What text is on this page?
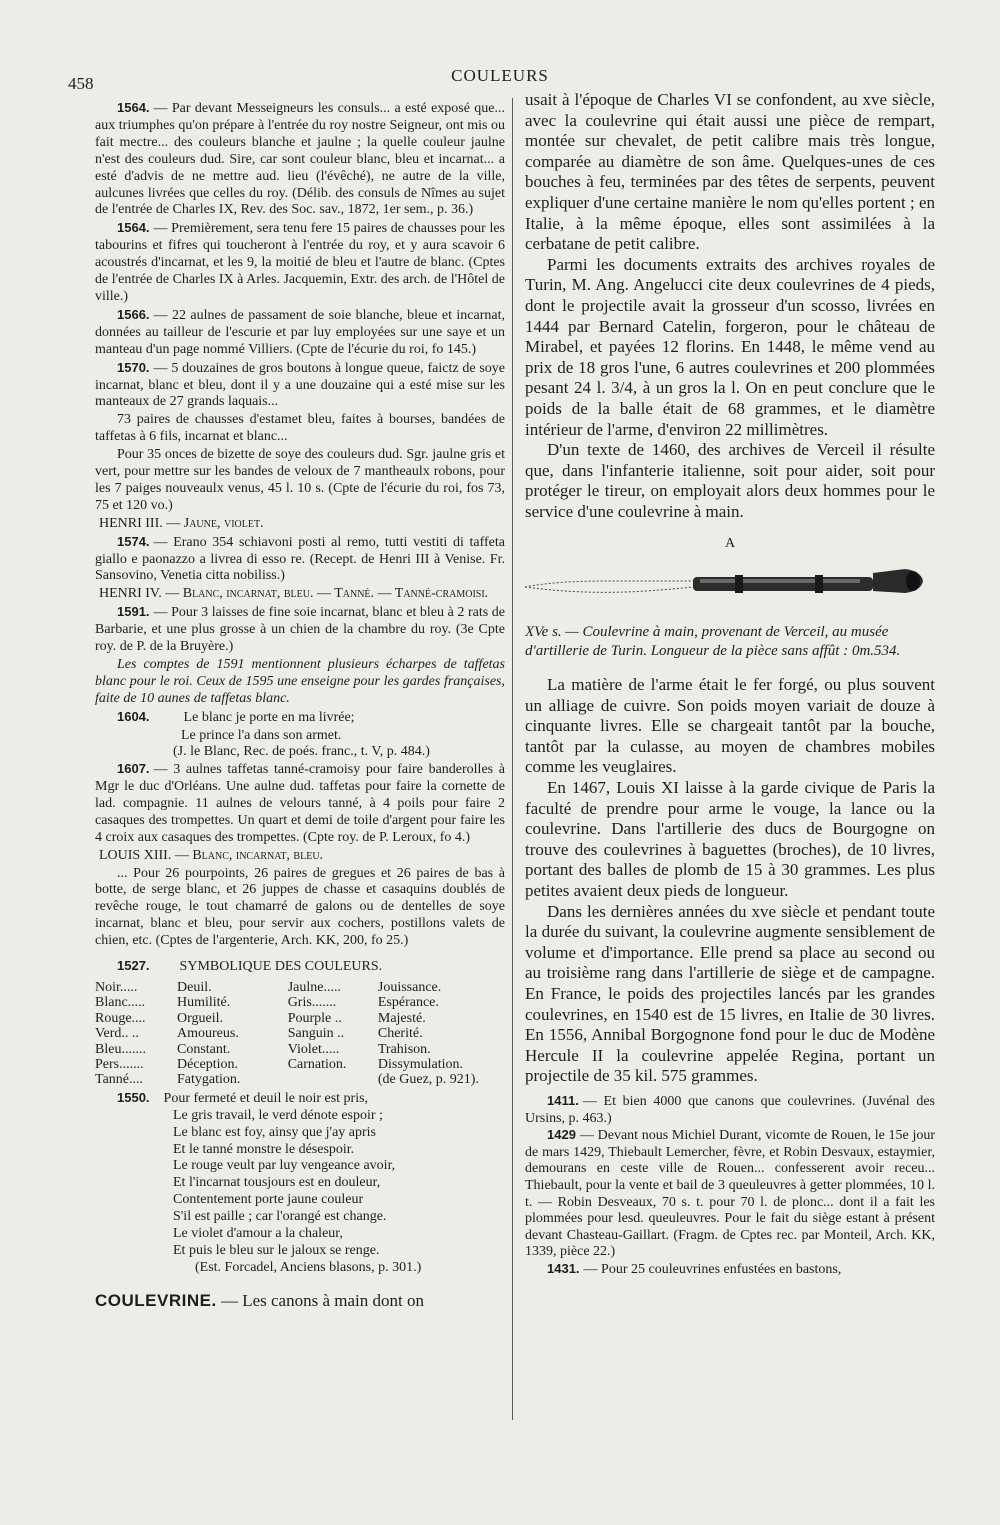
458	COULEURS

1564. — Par devant Messeigneurs les consuls... a esté exposé que... aux triumphes qu'on prépare à l'entrée du roy nostre Seigneur, ont mis ou fait mectre... des couleurs blanche et jaulne ; la quelle couleur jaulne n'est des couleurs dud. Sire, car sont couleur blanc, bleu et incarnat... a esté d'advis de ne mettre aud. lieu (l'évêché), ne autre de la ville, aulcunes livrées que celles du roy. (Délib. des consuls de Nîmes au sujet de l'entrée de Charles IX, Rev. des Soc. sav., 1872, 1er sem., p. 36.)

1564. — Premièrement, sera tenu fere 15 paires de chausses pour les tabourins et fifres qui toucheront à l'entrée du roy, et y aura scavoir 6 acoustrés d'incarnat, et les 9, la moitié de bleu et l'autre de blanc. (Cptes de l'entrée de Charles IX à Arles. Jacquemin, Extr. des arch. de l'Hôtel de ville.)

1566. — 22 aulnes de passament de soie blanche, bleue et incarnat, données au tailleur de l'escurie et par luy employées sur une saye et un manteau d'un page nommé Villiers. (Cpte de l'écurie du roi, fo 145.)

1570. — 5 douzaines de gros boutons à longue queue, faictz de soye incarnat, blanc et bleu, dont il y a une douzaine qui a esté mise sur les manteaux de 27 grands laquais...

73 paires de chausses d'estamet bleu, faites à bourses, bandées de taffetas à 6 fils, incarnat et blanc...

Pour 35 onces de bizette de soye des couleurs dud. Sgr. jaulne gris et vert, pour mettre sur les bandes de veloux de 7 mantheaulx robons, pour les 7 paiges nouveaulx venus, 45 l. 10 s. (Cpte de l'écurie du roi, fos 73, 75 et 120 vo.)

HENRI III. — Jaune, violet.

1574. — Erano 354 schiavoni posti al remo, tutti vestiti di taffeta giallo e paonazzo a livrea di esso re. (Recept. de Henri III à Venise. Fr. Sansovino, Venetia citta nobiliss.)

HENRI IV. — Blanc, incarnat, bleu. — Tanné. — Tanné-cramoisi.

1591. — Pour 3 laisses de fine soie incarnat, blanc et bleu à 2 rats de Barbarie, et une plus grosse à un chien de la chambre du roy. (3e Cpte roy. de P. de la Bruyère.)

Les comptes de 1591 mentionnent plusieurs écharpes de taffetas blanc pour le roi. Ceux de 1595 une enseigne pour les gardes françaises, faite de 10 aunes de taffetas blanc.

1604. Le blanc je porte en ma livrée;

Le prince l'a dans son armet.

(J. le Blanc, Rec. de poés. franc., t. V, p. 484.)

1607. — 3 aulnes taffetas tanné-cramoisy pour faire banderolles à Mgr le duc d'Orléans. Une aulne dud. taffetas pour faire la cornette de lad. compagnie. 11 aulnes de velours tanné, à 4 poils pour faire 2 casaques des trompettes. Un quart et demi de toile d'argent pour faire les 4 croix aux casaques des trompettes. (Cpte roy. de P. Leroux, fo 4.)

LOUIS XIII. — Blanc, incarnat, bleu.

... Pour 26 pourpoints, 26 paires de gregues et 26 paires de bas à botte, de serge blanc, et 26 juppes de chasse et casaquins doublés de revêche rouge, le tout chamarré de galons ou de dentelles de soye incarnat, blanc et bleu, pour servir aux cochers, postillons valets de chien, etc. (Cptes de l'argenterie, Arch. KK, 200, fo 25.)

1527. SYMBOLIQUE DES COULEURS.

Noir.....	Deuil.	Jaulne.....	Jouissance.
Blanc.....	Humilité.	Gris.......	Espérance.
Rouge....	Orgueil.	Pourple ..	Majesté.
Verd.. ..	Amoureus.	Sanguin ..	Cherité.
Bleu.......	Constant.	Violet.....	Trahison.
Pers.......	Déception.	Carnation.	Dissymulation.
Tanné....	Fatygation.		(de Guez, p. 921).

1550. Pour fermeté et deuil le noir est pris,

Le gris travail, le verd dénote espoir ;

Le blanc est foy, ainsy que j'ay apris

Et le tanné monstre le désespoir.

Le rouge veult par luy vengeance avoir,

Et l'incarnat tousjours est en douleur,

Contentement porte jaune couleur

S'il est paille ; car l'orangé est change.

Le violet d'amour a la chaleur,

Et puis le bleu sur le jaloux se renge.

(Est. Forcadel, Anciens blasons, p. 301.)

COULEVRINE. — Les canons à main dont on

usait à l'époque de Charles VI se confondent, au xve siècle, avec la coulevrine qui était aussi une pièce de rempart, montée sur chevalet, de petit calibre mais très longue, comparée au diamètre de son âme. Quelques-unes de ces bouches à feu, terminées par des têtes de serpents, peuvent expliquer d'une certaine manière le nom qu'elles portent ; en Italie, à la même époque, elles sont assimilées à la cerbatane de petit calibre.

Parmi les documents extraits des archives royales de Turin, M. Ang. Angelucci cite deux coulevrines de 4 pieds, dont le projectile avait la grosseur d'un scosso, livrées en 1444 par Bernard Catelin, forgeron, pour le château de Mirabel, et payées 12 florins. En 1448, le même vend au prix de 18 gros l'une, 6 autres coulevrines et 200 plommées pesant 24 l. 3/4, à un gros la l. On en peut conclure que le poids de la balle était de 68 grammes, et le diamètre intérieur de l'arme, d'environ 22 millimètres.

D'un texte de 1460, des archives de Verceil il résulte que, dans l'infanterie italienne, soit pour aider, soit pour protéger le tireur, on employait alors deux hommes pour le service d'une coulevrine à main.

A

XVe s. — Coulevrine à main, provenant de Verceil, au musée d'artillerie de Turin. Longueur de la pièce sans affût : 0m.534.

La matière de l'arme était le fer forgé, ou plus souvent un alliage de cuivre. Son poids moyen variait de douze à cinquante livres. Elle se chargeait tantôt par la bouche, tantôt par la culasse, au moyen de chambres mobiles comme les veuglaires.

En 1467, Louis XI laisse à la garde civique de Paris la faculté de prendre pour arme le vouge, la lance ou la coulevrine. Dans l'artillerie des ducs de Bourgogne on trouve des coulevrines à baguettes (broches), de 10 livres, portant des balles de plomb de 15 à 30 grammes. Les plus petites avaient deux pieds de longueur.

Dans les dernières années du xve siècle et pendant toute la durée du suivant, la coulevrine augmente sensiblement de volume et d'importance. Elle prend sa place au second ou au troisième rang dans l'artillerie de siège et de campagne. En France, le poids des projectiles lancés par les grandes coulevrines, en 1540 est de 15 livres, en Italie de 30 livres. En 1556, Annibal Borgognone fond pour le duc de Modène Hercule II la coulevrine appelée Regina, portant un projectile de 35 kil. 575 grammes.

1411. — Et bien 4000 que canons que coulevrines. (Juvénal des Ursins, p. 463.)

1429 — Devant nous Michiel Durant, vicomte de Rouen, le 15e jour de mars 1429, Thiebault Lemercher, fèvre, et Robin Desvaux, estaymier, demourans en ceste ville de Rouen... confesserent avoir receu... Thiebault, pour la vente et bail de 3 queuleuvres à getter plommées, 10 l. t. — Robin Desveaux, 70 s. t. pour 70 l. de plonc... dont il a fait les plommées pour lesd. queuleuvres. Pour le fait du siège estant à présent devant Chasteau-Gaillart. (Fragm. de Cptes rec. par Monteil, Arch. KK, 1339, pièce 22.)

1431. — Pour 25 couleuvrines enfustées en bastons,
